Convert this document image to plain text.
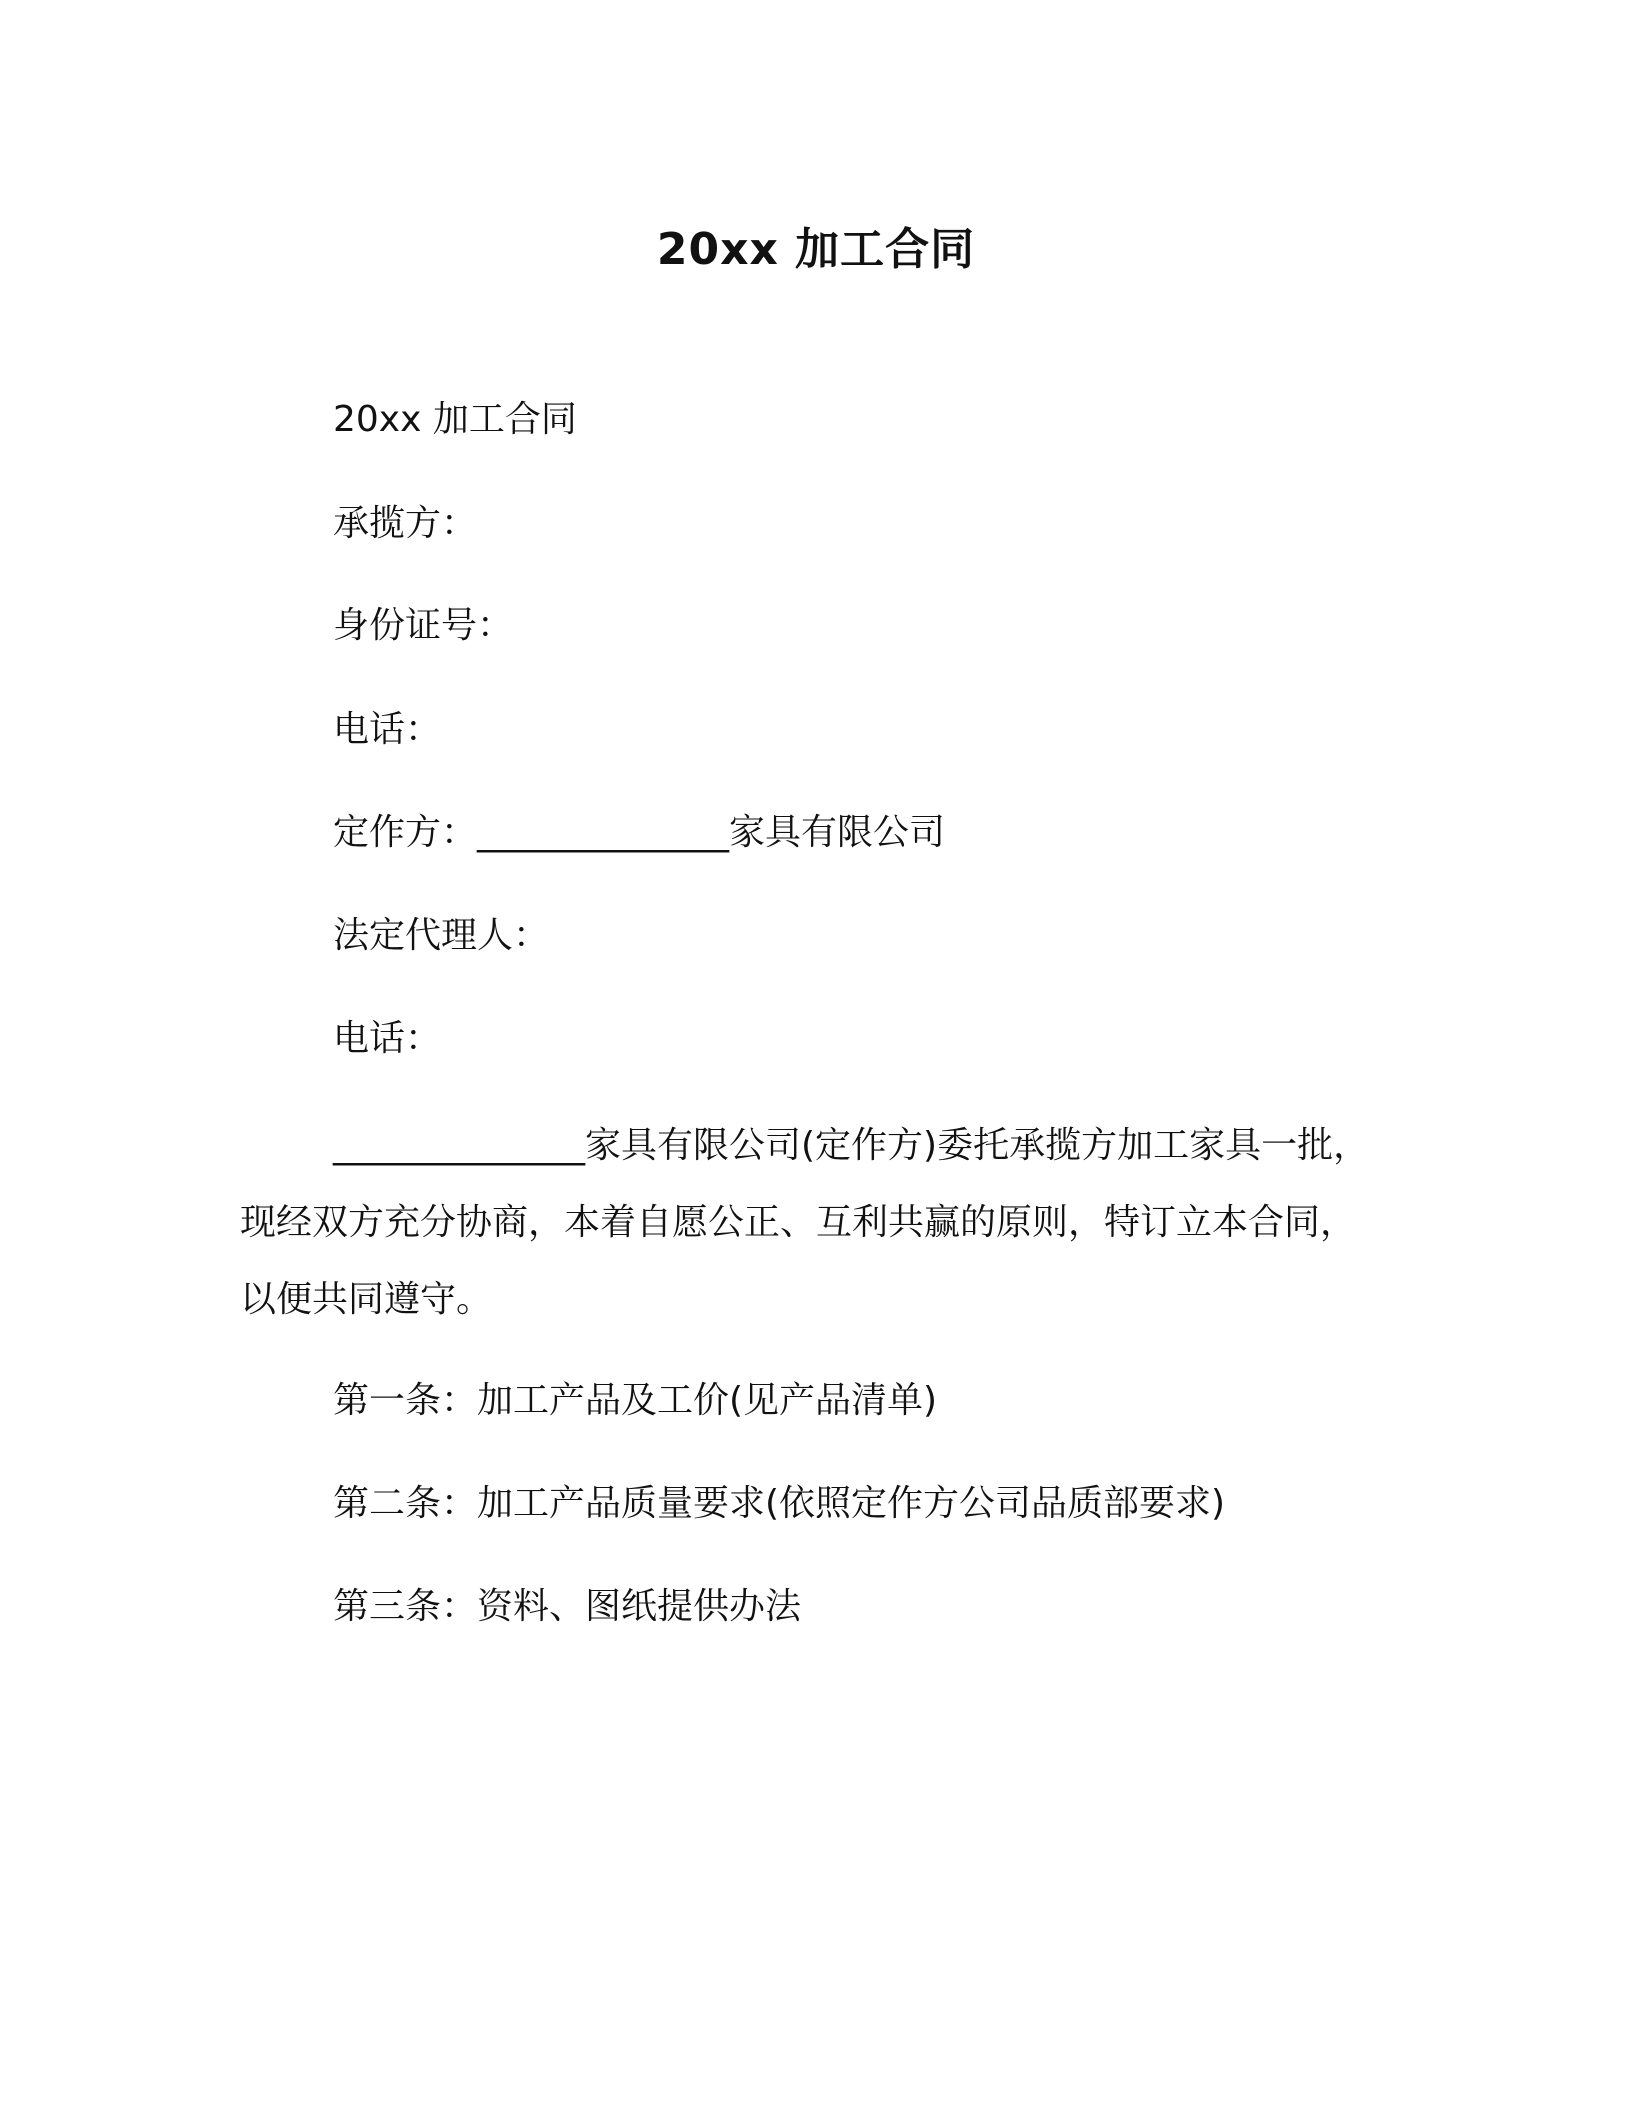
20xx 加工合同
20xx 加工合同
承揽方：
身份证号：
电话：
定作方：______________家具有限公司
法定代理人：
电话：
______________家具有限公司(定作方)委托承揽方加工家具一批，
现经双方充分协商，本着自愿公正、互利共赢的原则，特订立本合同，
以便共同遵守。
第一条：加工产品及工价(见产品清单)
第二条：加工产品质量要求(依照定作方公司品质部要求)
第三条：资料、图纸提供办法
